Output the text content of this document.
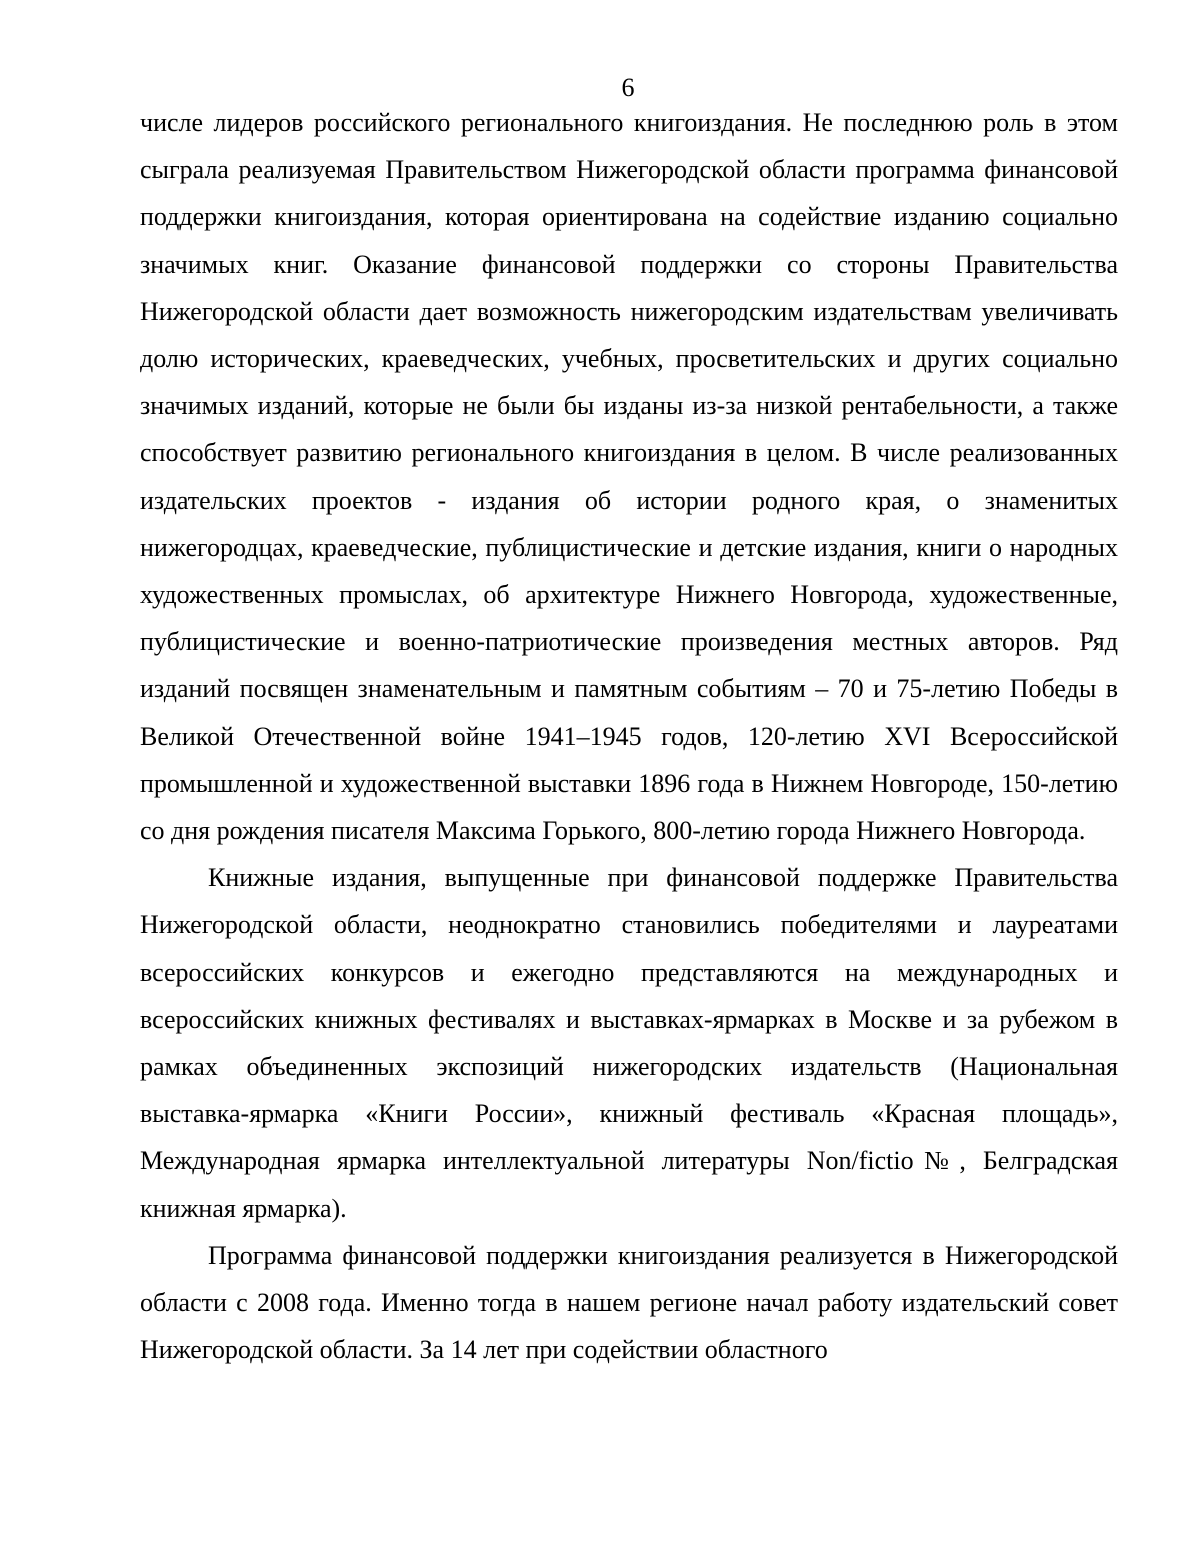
6

числе лидеров российского регионального книгоиздания. Не последнюю роль в этом сыграла реализуемая Правительством Нижегородской области программа финансовой поддержки книгоиздания, которая ориентирована на содействие изданию социально значимых книг. Оказание финансовой поддержки со стороны Правительства Нижегородской области дает возможность нижегородским издательствам увеличивать долю исторических, краеведческих, учебных, просветительских и других социально значимых изданий, которые не были бы изданы из-за низкой рентабельности, а также способствует развитию регионального книгоиздания в целом. В числе реализованных издательских проектов - издания об истории родного края, о знаменитых нижегородцах, краеведческие, публицистические и детские издания, книги о народных художественных промыслах, об архитектуре Нижнего Новгорода, художественные, публицистические и военно-патриотические произведения местных авторов. Ряд изданий посвящен знаменательным и памятным событиям – 70 и 75-летию Победы в Великой Отечественной войне 1941–1945 годов, 120-летию XVI Всероссийской промышленной и художественной выставки 1896 года в Нижнем Новгороде, 150-летию со дня рождения писателя Максима Горького, 800-летию города Нижнего Новгорода.

Книжные издания, выпущенные при финансовой поддержке Правительства Нижегородской области, неоднократно становились победителями и лауреатами всероссийских конкурсов и ежегодно представляются на международных и всероссийских книжных фестивалях и выставках-ярмарках в Москве и за рубежом в рамках объединенных экспозиций нижегородских издательств (Национальная выставка-ярмарка «Книги России», книжный фестиваль «Красная площадь», Международная ярмарка интеллектуальной литературы Non/fictio№, Белградская книжная ярмарка).

Программа финансовой поддержки книгоиздания реализуется в Нижегородской области с 2008 года. Именно тогда в нашем регионе начал работу издательский совет Нижегородской области. За 14 лет при содействии областного
